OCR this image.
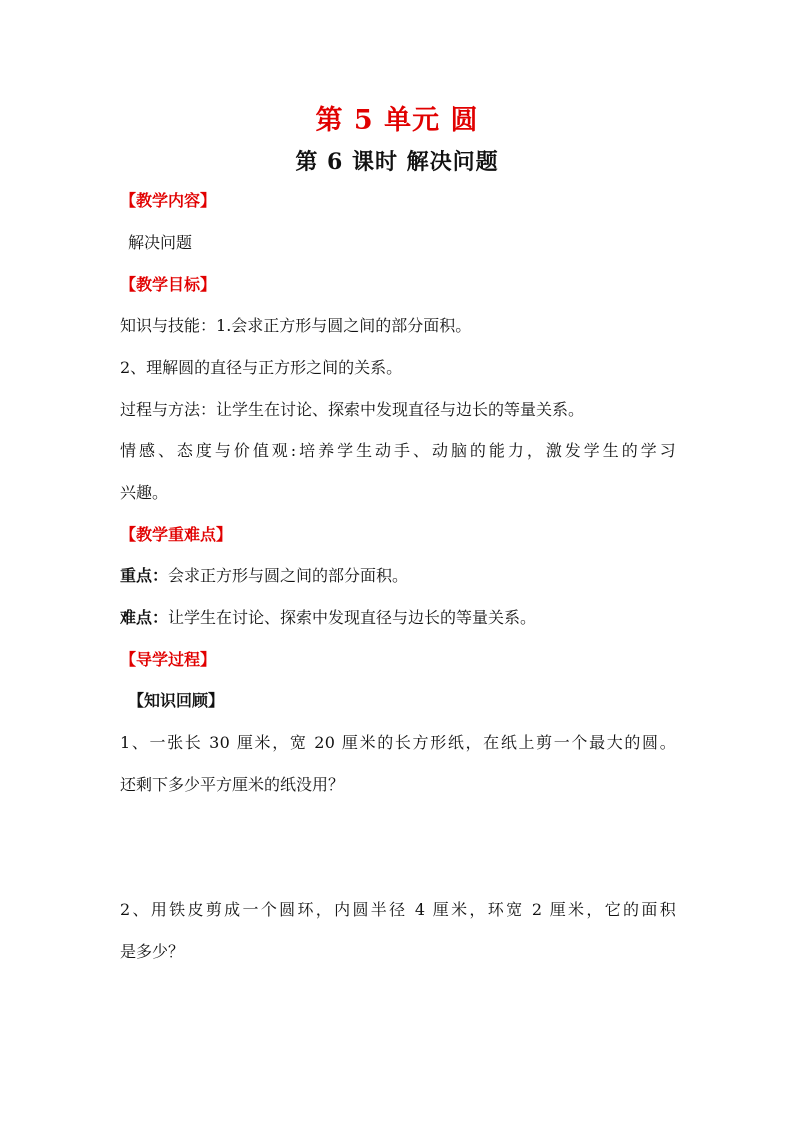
第 5 单元 圆
第 6 课时 解决问题
【教学内容】
解决问题
【教学目标】
知识与技能：1.会求正方形与圆之间的部分面积。
2、理解圆的直径与正方形之间的关系。
过程与方法：让学生在讨论、探索中发现直径与边长的等量关系。
情感、态度与价值观:培养学生动手、动脑的能力，激发学生的学习
兴趣。
【教学重难点】
重点：会求正方形与圆之间的部分面积。
难点：让学生在讨论、探索中发现直径与边长的等量关系。
【导学过程】
【知识回顾】
1、一张长 30 厘米，宽 20 厘米的长方形纸，在纸上剪一个最大的圆。
还剩下多少平方厘米的纸没用？
2、用铁皮剪成一个圆环，内圆半径 4 厘米，环宽 2 厘米，它的面积
是多少？
